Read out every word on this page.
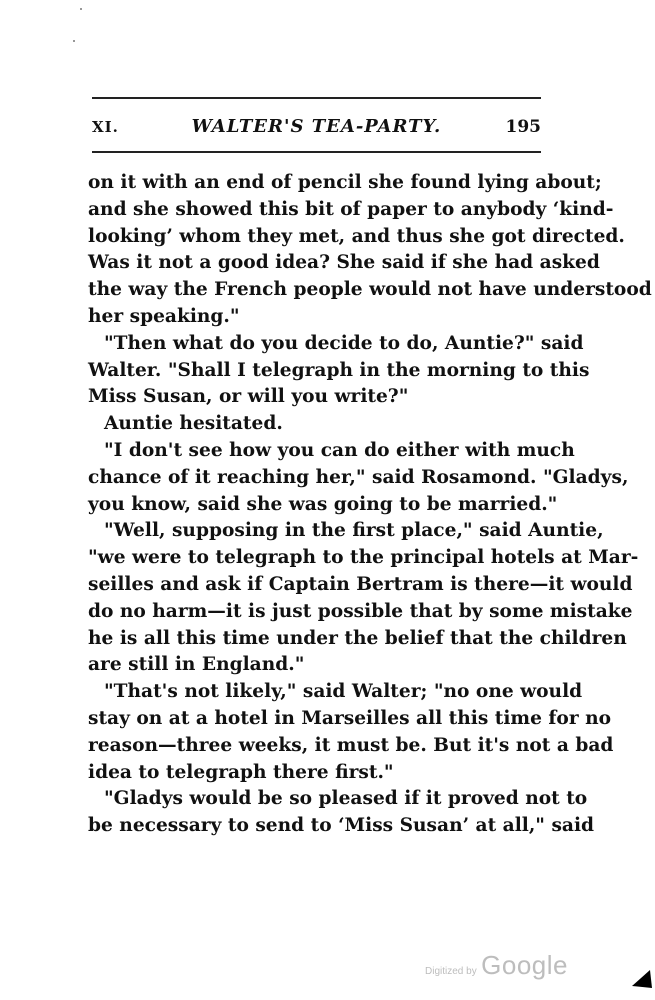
XI.	WALTER'S TEA-PARTY.	195
on it with an end of pencil she found lying about;
and she showed this bit of paper to anybody ‘kind-
looking’ whom they met, and thus she got directed.
Was it not a good idea? She said if she had asked
the way the French people would not have understood
her speaking."
"Then what do you decide to do, Auntie?" said
Walter. "Shall I telegraph in the morning to this
Miss Susan, or will you write?"
Auntie hesitated.
"I don't see how you can do either with much
chance of it reaching her," said Rosamond. "Gladys,
you know, said she was going to be married."
"Well, supposing in the first place," said Auntie,
"we were to telegraph to the principal hotels at Mar-
seilles and ask if Captain Bertram is there—it would
do no harm—it is just possible that by some mistake
he is all this time under the belief that the children
are still in England."
"That's not likely," said Walter; "no one would
stay on at a hotel in Marseilles all this time for no
reason—three weeks, it must be. But it's not a bad
idea to telegraph there first."
"Gladys would be so pleased if it proved not to
be necessary to send to ‘Miss Susan’ at all," said
Digitized by Google
